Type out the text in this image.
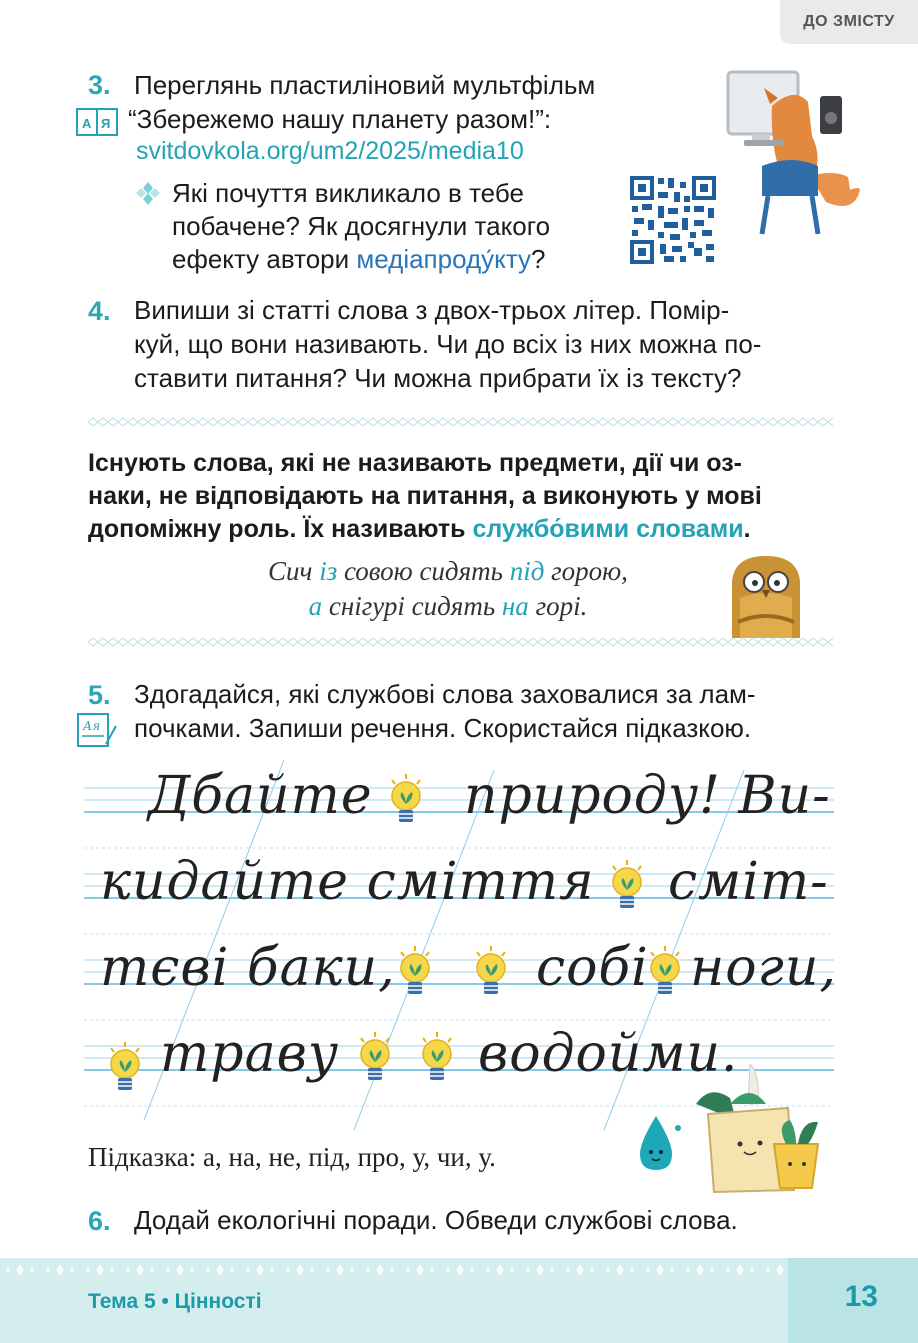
ДО ЗМІСТУ
3.
А Я
Переглянь пластиліновий мультфільм
“Збережемо нашу планету разом!”:
svitdovkola.org/um2/2025/media10
Які почуття викликало в тебе
побачене? Як досягнули такого
ефекту автори медіапроду́кту?
4. Випиши зі статті слова з двох-трьох літер. Помір-
куй, що вони називають. Чи до всіх із них можна по-
ставити питання? Чи можна прибрати їх із тексту?
Існують слова, які не називають предмети, дії чи оз-
наки, не відповідають на питання, а виконують у мові
допоміжну роль. Їх називають службо́вими словами.
Сич із совою сидять під горою,
а снігурі сидять на горі.
5.
Ая
Здогадайся, які службові слова заховалися за лам-
почками. Запиши речення. Скористайся підказкою.
Дбайте природу! Ви-
кидайте сміття смiт-
тєві баки,	собі ноги,
траву	водойми.
Підказка: а, на, не, під, про, у, чи, у.
6. Додай екологічні поради. Обведи службові слова.
Тема 5 • Цінності	13
